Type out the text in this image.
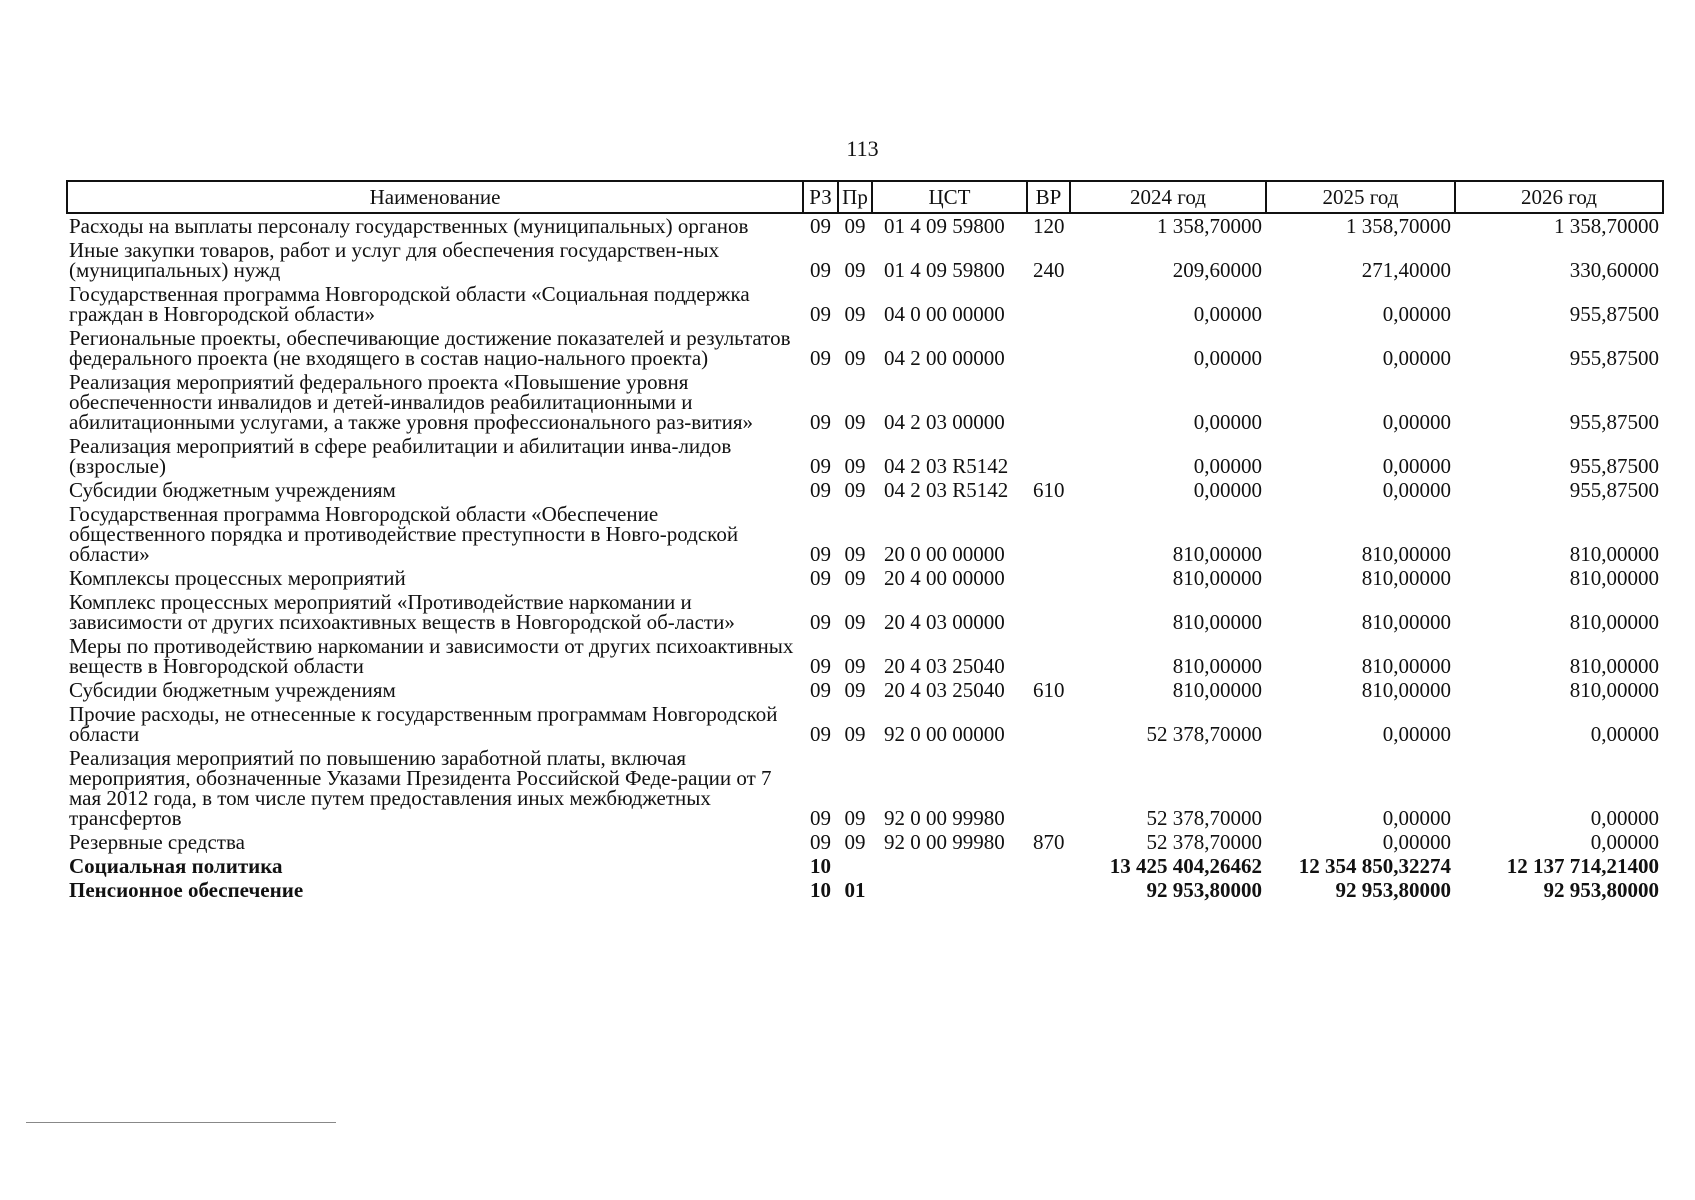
113
Наименование	РЗ	Пр	ЦСТ	ВР	2024 год	2025 год	2026 год
Расходы на выплаты персоналу государственных (муниципальных) органов	09	09	01 4 09 59800	120	1 358,70000	1 358,70000	1 358,70000
Иные закупки товаров, работ и услуг для обеспечения государствен-ных (муниципальных) нужд	09	09	01 4 09 59800	240	209,60000	271,40000	330,60000
Государственная программа Новгородской области «Социальная поддержка граждан в Новгородской области»	09	09	04 0 00 00000		0,00000	0,00000	955,87500
Региональные проекты, обеспечивающие достижение показателей и результатов федерального проекта (не входящего в состав нацио-нального проекта)	09	09	04 2 00 00000		0,00000	0,00000	955,87500
Реализация мероприятий федерального проекта «Повышение уровня обеспеченности инвалидов и детей-инвалидов реабилитационными и абилитационными услугами, а также уровня профессионального раз-вития»	09	09	04 2 03 00000		0,00000	0,00000	955,87500
Реализация мероприятий в сфере реабилитации и абилитации инва-лидов (взрослые)	09	09	04 2 03 R5142		0,00000	0,00000	955,87500
Субсидии бюджетным учреждениям	09	09	04 2 03 R5142	610	0,00000	0,00000	955,87500
Государственная программа Новгородской области «Обеспечение общественного порядка и противодействие преступности в Новго-родской области»	09	09	20 0 00 00000		810,00000	810,00000	810,00000
Комплексы процессных мероприятий	09	09	20 4 00 00000		810,00000	810,00000	810,00000
Комплекс процессных мероприятий «Противодействие наркомании и зависимости от других психоактивных веществ в Новгородской об-ласти»	09	09	20 4 03 00000		810,00000	810,00000	810,00000
Меры по противодействию наркомании и зависимости от других психоактивных веществ в Новгородской области	09	09	20 4 03 25040		810,00000	810,00000	810,00000
Субсидии бюджетным учреждениям	09	09	20 4 03 25040	610	810,00000	810,00000	810,00000
Прочие расходы, не отнесенные к государственным программам Новгородской области	09	09	92 0 00 00000		52 378,70000	0,00000	0,00000
Реализация мероприятий по повышению заработной платы, включая мероприятия, обозначенные Указами Президента Российской Феде-рации от 7 мая 2012 года, в том числе путем предоставления иных межбюджетных трансфертов	09	09	92 0 00 99980		52 378,70000	0,00000	0,00000
Резервные средства	09	09	92 0 00 99980	870	52 378,70000	0,00000	0,00000
Социальная политика	10				13 425 404,26462	12 354 850,32274	12 137 714,21400
Пенсионное обеспечение	10	01			92 953,80000	92 953,80000	92 953,80000
